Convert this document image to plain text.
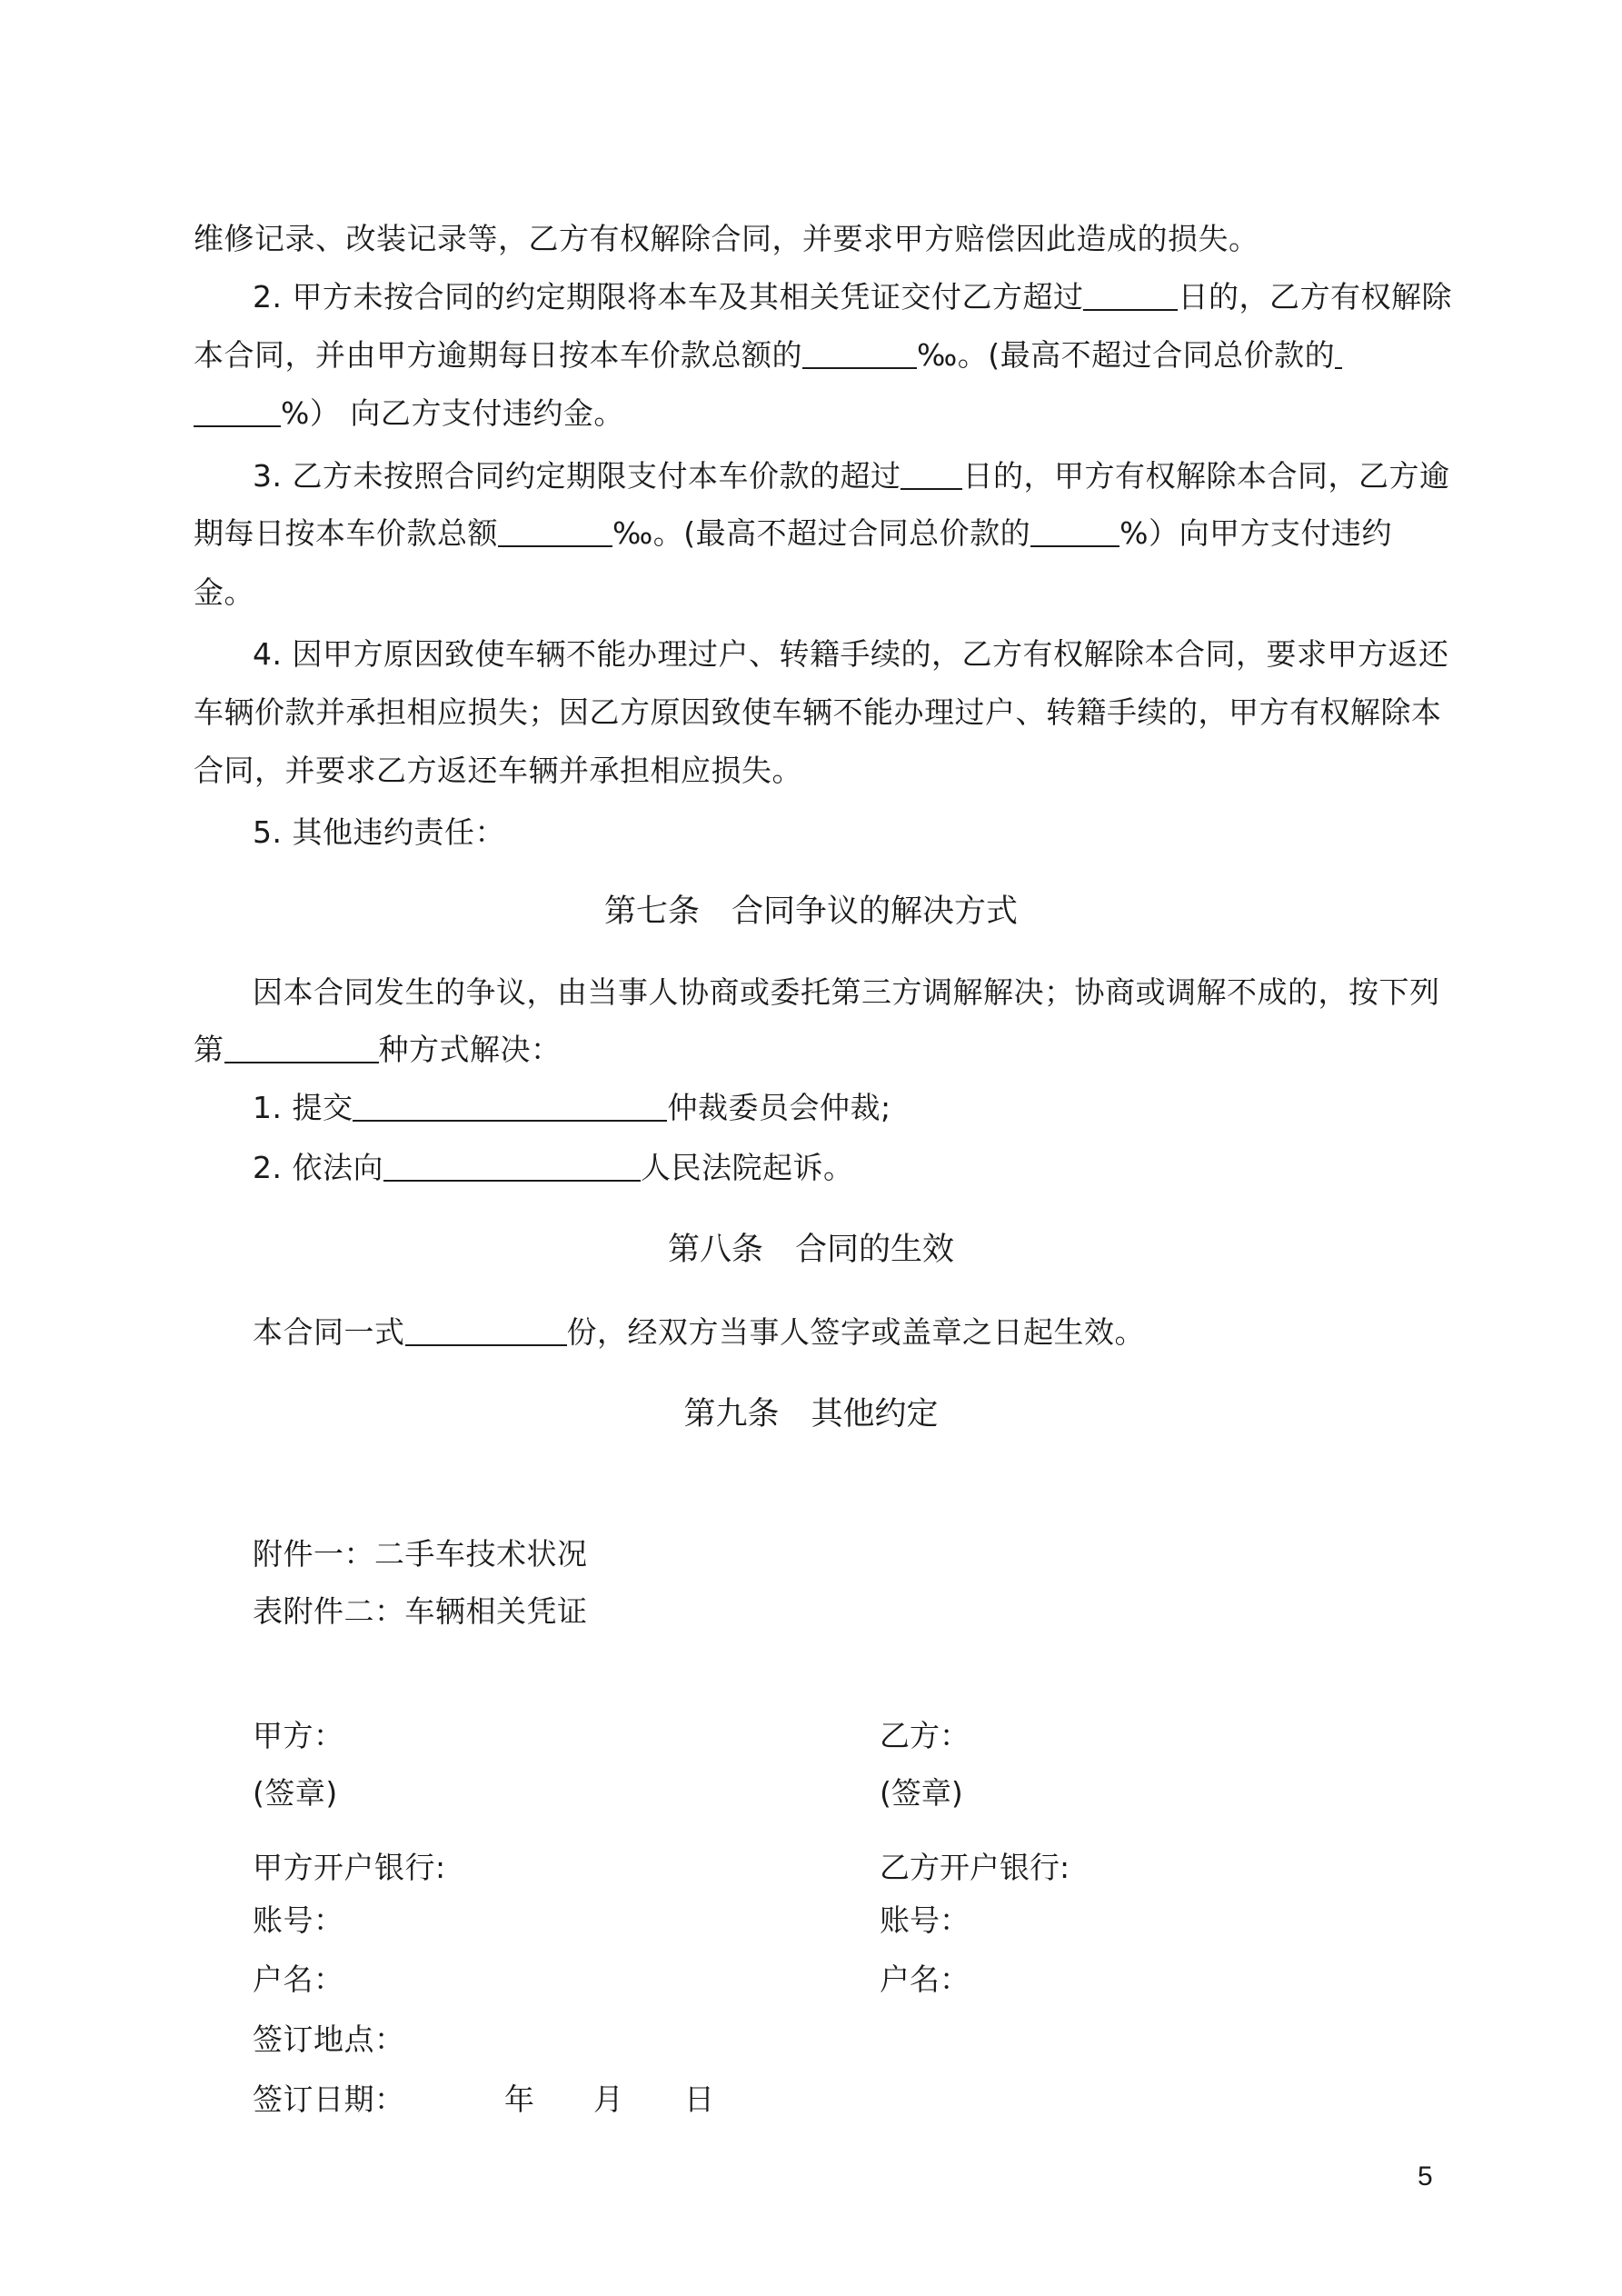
维修记录、改装记录等，乙方有权解除合同，并要求甲方赔偿因此造成的损失。
2. 甲方未按合同的约定期限将本车及其相关凭证交付乙方超过	日的，乙方有权解除
本合同，并由甲方逾期每日按本车价款总额的	‰。(最高不超过合同总价款的
%） 向乙方支付违约金。
3. 乙方未按照合同约定期限支付本车价款的超过 日的，甲方有权解除本合同，乙方逾
期每日按本车价款总额	‰。(最高不超过合同总价款的	%）向甲方支付违约
金。
4. 因甲方原因致使车辆不能办理过户、转籍手续的，乙方有权解除本合同，要求甲方返还
车辆价款并承担相应损失；因乙方原因致使车辆不能办理过户、转籍手续的，甲方有权解除本
合同，并要求乙方返还车辆并承担相应损失。
5. 其他违约责任：
第七条　合同争议的解决方式
因本合同发生的争议，由当事人协商或委托第三方调解解决；协商或调解不成的，按下列
第	种方式解决：
1. 提交	仲裁委员会仲裁;
2. 依法向	人民法院起诉。
第八条　合同的生效
本合同一式	份，经双方当事人签字或盖章之日起生效。
第九条　其他约定
附件一：二手车技术状况
表附件二：车辆相关凭证
甲方：	乙方：
(签章)	(签章)
甲方开户银行:	乙方开户银行:
账号：	账号：
户名：	户名：
签订地点：
签订日期：	年 月 日
5
